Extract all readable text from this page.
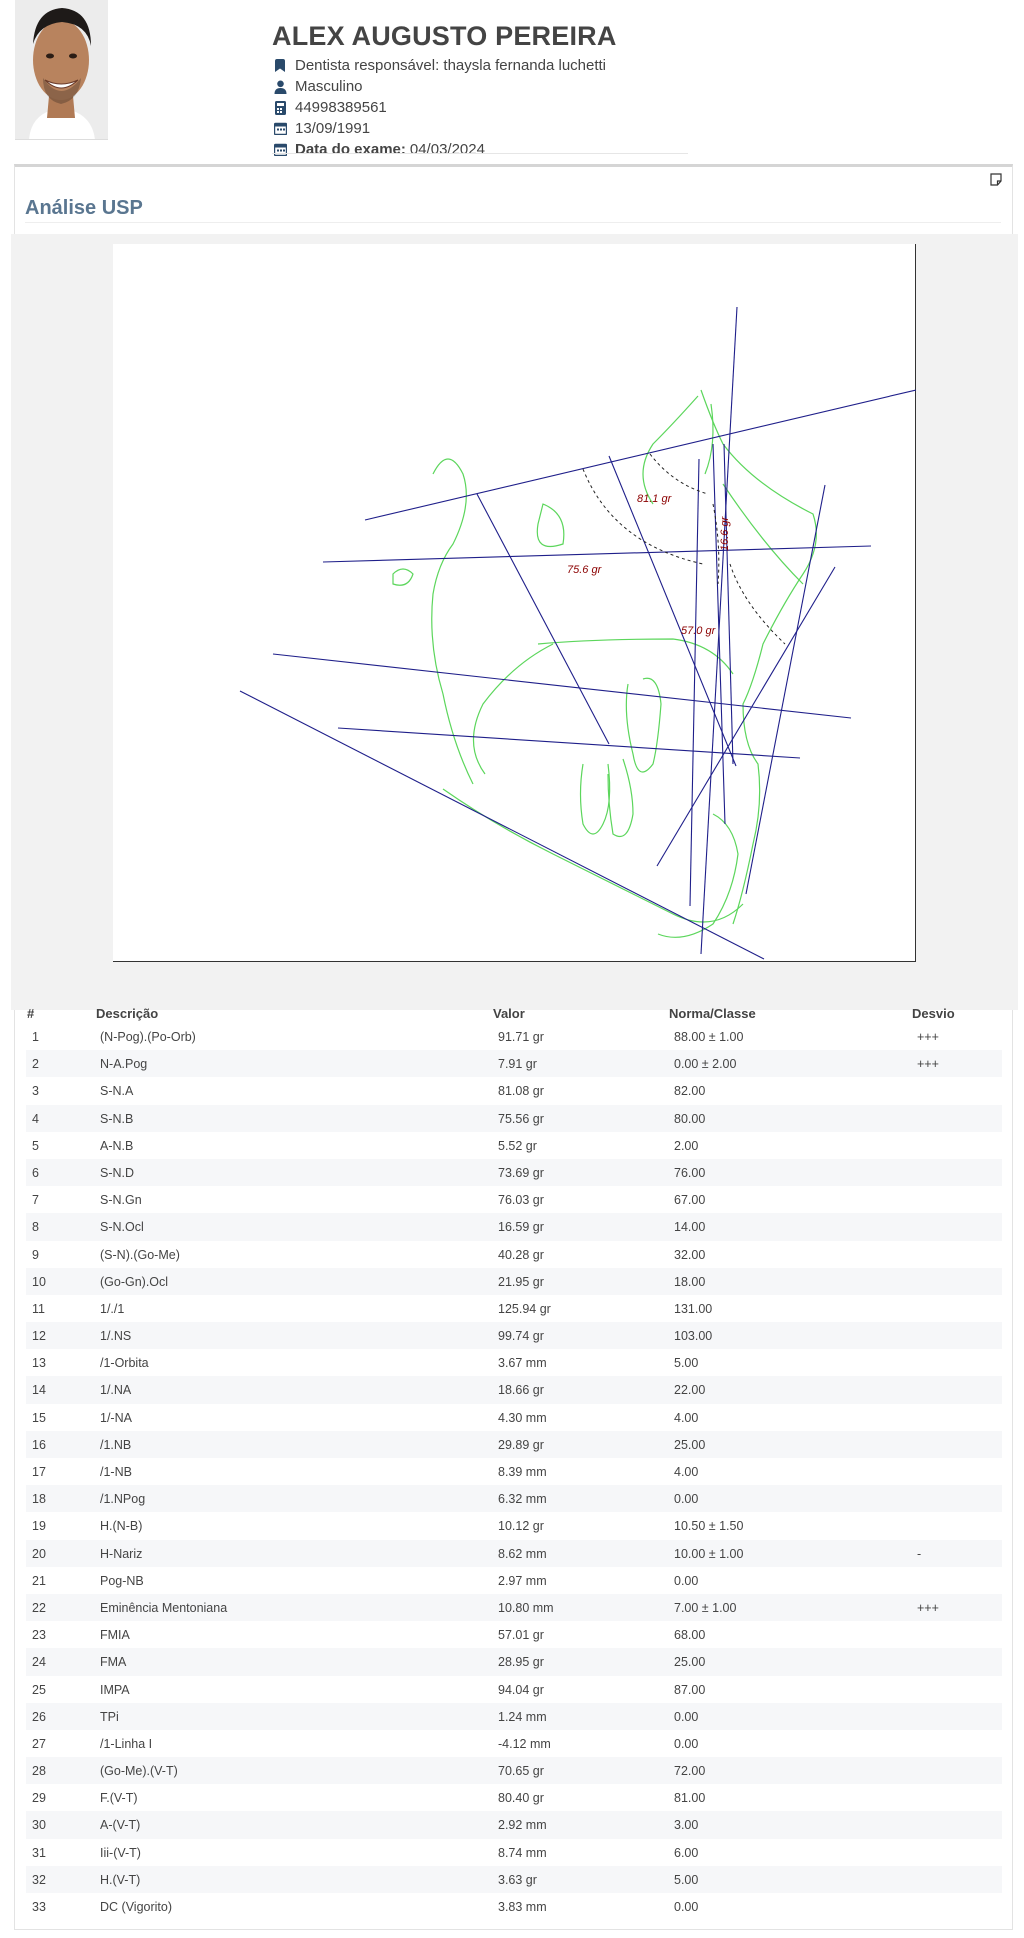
ALEX AUGUSTO PEREIRA
Dentista responsável: thaysla fernanda luchetti
Masculino
44998389561
13/09/1991
Data do exame: 04/03/2024
Análise USP
81.1 gr
75.6 gr
57.0 gr
16.6 gr
#	Descrição	Valor	Norma/Classe	Desvio
1	(N-Pog).(Po-Orb)	91.71 gr	88.00 ± 1.00	+++
2	N-A.Pog	7.91 gr	0.00 ± 2.00	+++
3	S-N.A	81.08 gr	82.00
4	S-N.B	75.56 gr	80.00
5	A-N.B	5.52 gr	2.00
6	S-N.D	73.69 gr	76.00
7	S-N.Gn	76.03 gr	67.00
8	S-N.Ocl	16.59 gr	14.00
9	(S-N).(Go-Me)	40.28 gr	32.00
10	(Go-Gn).Ocl	21.95 gr	18.00
11	1/./1	125.94 gr	131.00
12	1/.NS	99.74 gr	103.00
13	/1-Orbita	3.67 mm	5.00
14	1/.NA	18.66 gr	22.00
15	1/-NA	4.30 mm	4.00
16	/1.NB	29.89 gr	25.00
17	/1-NB	8.39 mm	4.00
18	/1.NPog	6.32 mm	0.00
19	H.(N-B)	10.12 gr	10.50 ± 1.50
20	H-Nariz	8.62 mm	10.00 ± 1.00	-
21	Pog-NB	2.97 mm	0.00
22	Eminência Mentoniana	10.80 mm	7.00 ± 1.00	+++
23	FMIA	57.01 gr	68.00
24	FMA	28.95 gr	25.00
25	IMPA	94.04 gr	87.00
26	TPi	1.24 mm	0.00
27	/1-Linha I	-4.12 mm	0.00
28	(Go-Me).(V-T)	70.65 gr	72.00
29	F.(V-T)	80.40 gr	81.00
30	A-(V-T)	2.92 mm	3.00
31	Iii-(V-T)	8.74 mm	6.00
32	H.(V-T)	3.63 gr	5.00
33	DC (Vigorito)	3.83 mm	0.00
